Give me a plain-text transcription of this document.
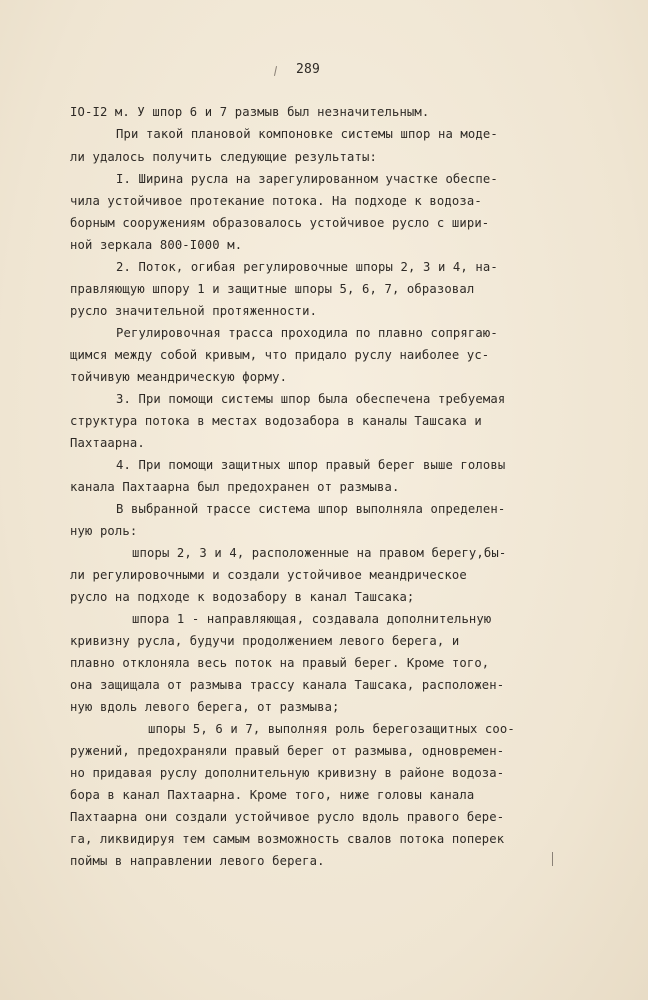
289
IO-I2 м. У шпор 6 и 7 размыв был незначительным.
При такой плановой компоновке системы шпор на моде-
ли удалось получить следующие результаты:
I. Ширина русла на зарегулированном участке обеспе-
чила устойчивое протекание потока. На подходе к водоза-
борным сооружениям образовалось устойчивое русло с шири-
ной зеркала 800-I000 м.
2. Поток, огибая регулировочные шпоры 2, 3 и 4, на-
правляющую шпору 1 и защитные шпоры 5, 6, 7, образовал
русло значительной протяженности.
Регулировочная трасса проходила по плавно сопрягаю-
щимся между собой кривым, что придало руслу наиболее ус-
тойчивую меандрическую форму.
3. При помощи системы шпор была обеспечена требуемая
структура потока в местах водозабора в каналы Ташсака и
Пахтаарна.
4. При помощи защитных шпор правый берег выше головы
канала Пахтаарна был предохранен от размыва.
В выбранной трассе система шпор выполняла определен-
ную роль:
шпоры 2, 3 и 4, расположенные на правом берегу,бы-
ли регулировочными и создали устойчивое меандрическое
русло на подходе к водозабору в канал Ташсака;
шпора 1 - направляющая, создавала дополнительную
кривизну русла, будучи продолжением левого берега, и
плавно отклоняла весь поток на правый берег. Кроме того,
она защищала от размыва трассу канала Ташсака, расположен-
ную вдоль левого берега, от размыва;
шпоры 5, 6 и 7, выполняя роль берегозащитных соо-
ружений, предохраняли правый берег от размыва, одновремен-
но придавая руслу дополнительную кривизну в районе водоза-
бора в канал Пахтаарна. Кроме того, ниже головы канала
Пахтаарна они создали устойчивое русло вдоль правого бере-
га, ликвидируя тем самым возможность свалов потока поперек
поймы в направлении левого берега.
